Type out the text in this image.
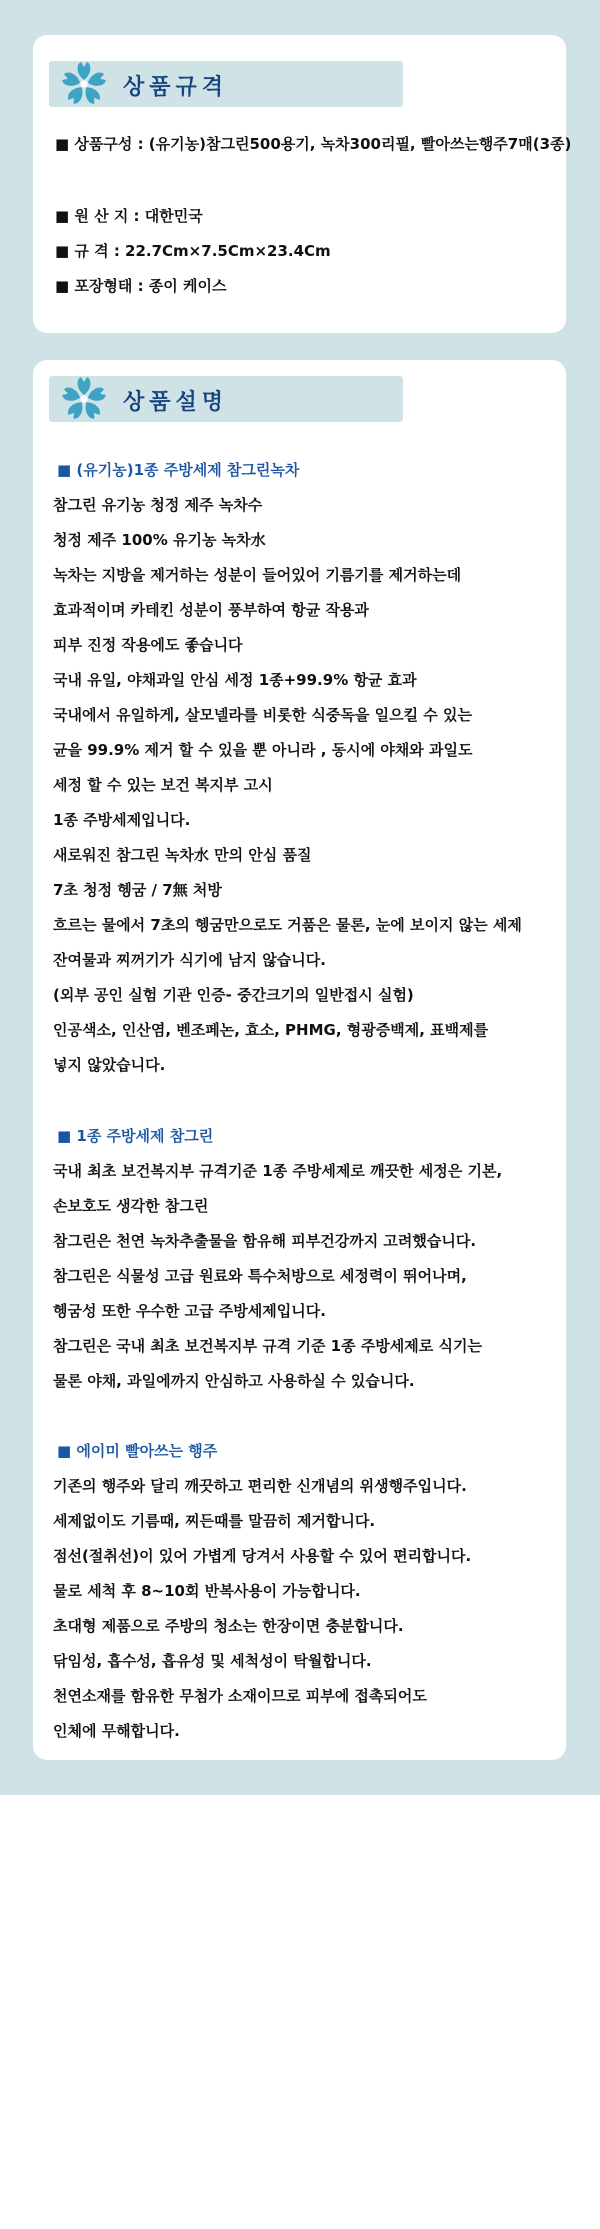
상품규격
■ 상품구성 : (유기농)참그린500용기, 녹차300리필, 빨아쓰는행주7매(3종)
■ 원 산 지 : 대한민국
■ 규 격 : 22.7Cm×7.5Cm×23.4Cm
■ 포장형태 : 종이 케이스
상품설명
■ (유기농)1종 주방세제 참그린녹차
참그린 유기농 청정 제주 녹차수
청정 제주 100% 유기농 녹차水
녹차는 지방을 제거하는 성분이 들어있어 기름기를 제거하는데
효과적이며 카테킨 성분이 풍부하여 항균 작용과
피부 진정 작용에도 좋습니다
국내 유일, 야채과일 안심 세정 1종+99.9% 항균 효과
국내에서 유일하게, 살모넬라를 비롯한 식중독을 일으킬 수 있는
균을 99.9% 제거 할 수 있을 뿐 아니라 , 동시에 야채와 과일도
세정 할 수 있는 보건 복지부 고시
1종 주방세제입니다.
새로워진 참그린 녹차水 만의 안심 품질
7초 청정 헹굼 / 7無 처방
흐르는 물에서 7초의 헹굼만으로도 거품은 물론, 눈에 보이지 않는 세제
잔여물과 찌꺼기가 식기에 남지 않습니다.
(외부 공인 실험 기관 인증- 중간크기의 일반접시 실험)
인공색소, 인산염, 벤조페논, 효소, PHMG, 형광증백제, 표백제를
넣지 않았습니다.
■ 1종 주방세제 참그린
국내 최초 보건복지부 규격기준 1종 주방세제로 깨끗한 세정은 기본,
손보호도 생각한 참그린
참그린은 천연 녹차추출물을 함유해 피부건강까지 고려했습니다.
참그린은 식물성 고급 원료와 특수처방으로 세정력이 뛰어나며,
헹굼성 또한 우수한 고급 주방세제입니다.
참그린은 국내 최초 보건복지부 규격 기준 1종 주방세제로 식기는
물론 야채, 과일에까지 안심하고 사용하실 수 있습니다.
■ 에이미 빨아쓰는 행주
기존의 행주와 달리 깨끗하고 편리한 신개념의 위생행주입니다.
세제없이도 기름때, 찌든때를 말끔히 제거합니다.
점선(절취선)이 있어 가볍게 당겨서 사용할 수 있어 편리합니다.
물로 세척 후 8~10회 반복사용이 가능합니다.
초대형 제품으로 주방의 청소는 한장이면 충분합니다.
닦임성, 흡수성, 흡유성 및 세척성이 탁월합니다.
천연소재를 함유한 무첨가 소재이므로 피부에 접촉되어도
인체에 무해합니다.
